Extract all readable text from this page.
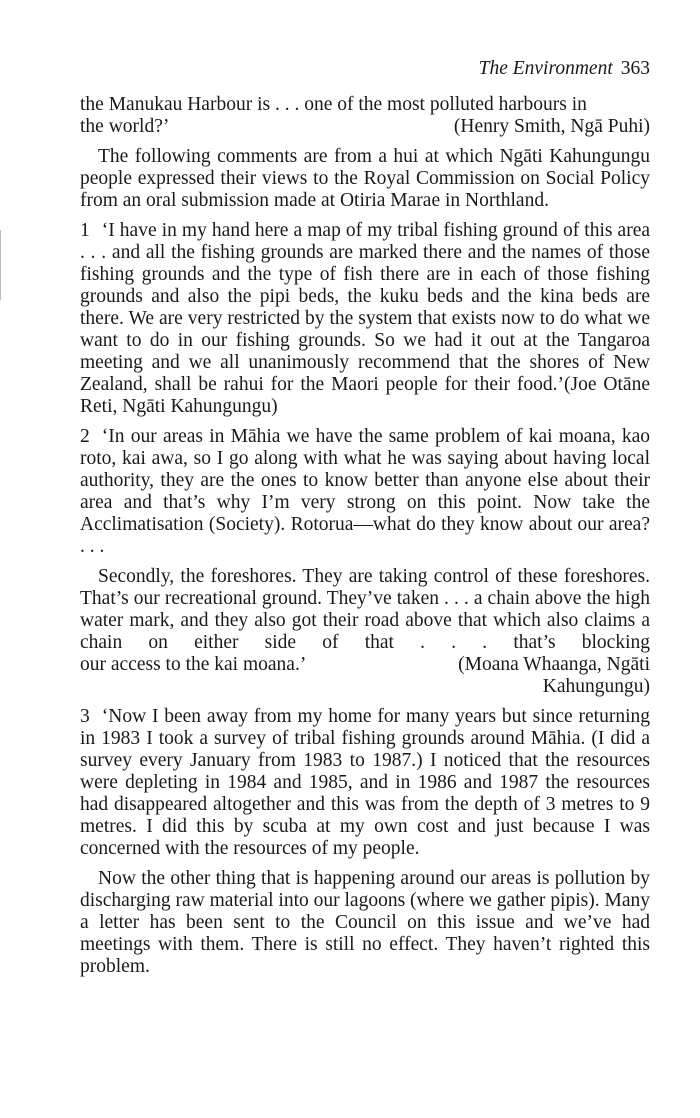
The Environment 363

the Manukau Harbour is . . . one of the most polluted harbours in

the world?’	(Henry Smith, Ngā Puhi)

The following comments are from a hui at which Ngāti Kahungungu people expressed their views to the Royal Commission on Social Policy from an oral submission made at Otiria Marae in Northland.

1 ‘I have in my hand here a map of my tribal fishing ground of this area . . . and all the fishing grounds are marked there and the names of those fishing grounds and the type of fish there are in each of those fishing grounds and also the pipi beds, the kuku beds and the kina beds are there. We are very restricted by the system that exists now to do what we want to do in our fishing grounds. So we had it out at the Tangaroa meeting and we all unanimously recommend that the shores of New Zealand, shall be rahui for the Maori people for their food.’(Joe Otāne Reti, Ngāti Kahungungu)

2 ‘In our areas in Māhia we have the same problem of kai moana, kao roto, kai awa, so I go along with what he was saying about having local authority, they are the ones to know better than anyone else about their area and that’s why I’m very strong on this point. Now take the Acclimatisation (Society). Rotorua—what do they know about our area? . . .

Secondly, the foreshores. They are taking control of these foreshores. That’s our recreational ground. They’ve taken . . . a chain above the high water mark, and they also got their road above that which also claims a chain on either side of that . . . that’s blocking

our access to the kai moana.’	(Moana Whaanga, Ngāti

Kahungungu)

3 ‘Now I been away from my home for many years but since returning in 1983 I took a survey of tribal fishing grounds around Māhia. (I did a survey every January from 1983 to 1987.) I noticed that the resources were depleting in 1984 and 1985, and in 1986 and 1987 the resources had disappeared altogether and this was from the depth of 3 metres to 9 metres. I did this by scuba at my own cost and just because I was concerned with the resources of my people.

Now the other thing that is happening around our areas is pollution by discharging raw material into our lagoons (where we gather pipis). Many a letter has been sent to the Council on this issue and we’ve had meetings with them. There is still no effect. They haven’t righted this problem.
